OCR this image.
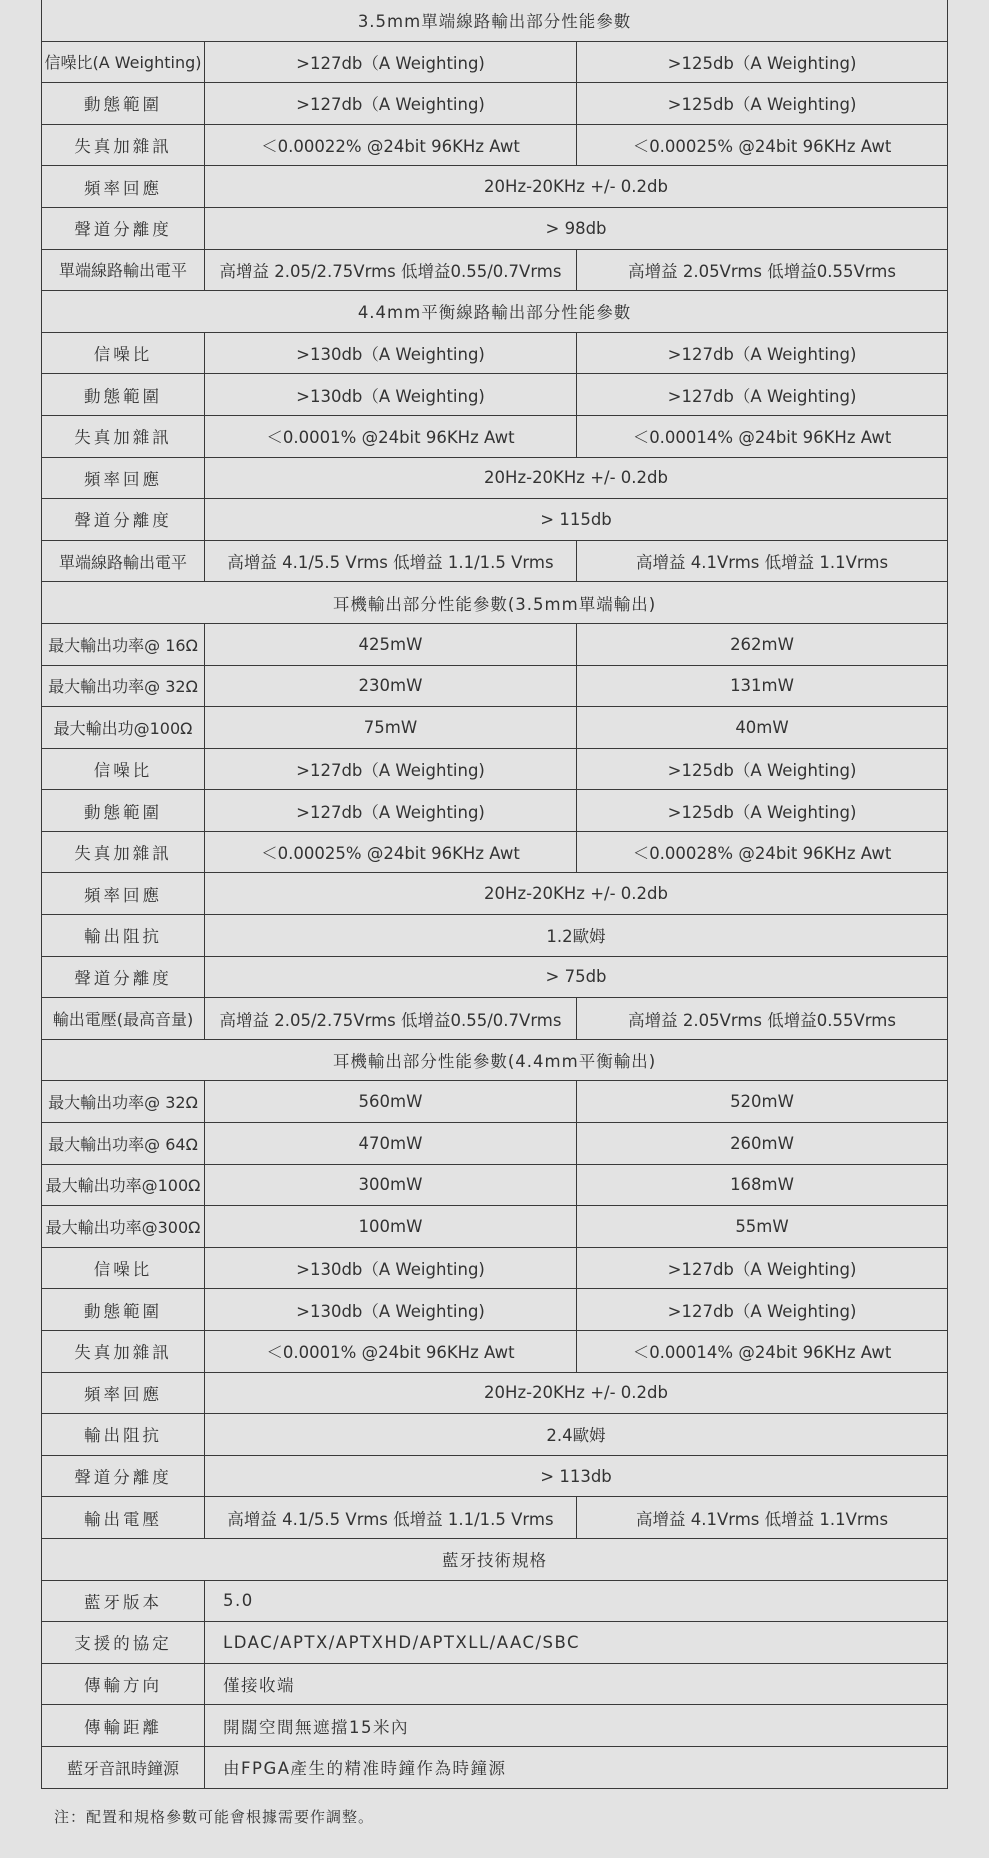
3.5mm單端線路輸出部分性能參數		
信噪比(A Weighting)	>127db（A Weighting)	>125db（A Weighting)
動態範圍	>127db（A Weighting)	>125db（A Weighting)
失真加雜訊	＜0.00022% @24bit 96KHz Awt	＜0.00025% @24bit 96KHz Awt
頻率回應	20Hz-20KHz +/- 0.2db	
聲道分離度	> 98db	
單端線路輸出電平	高增益 2.05/2.75Vrms 低增益0.55/0.7Vrms	高增益 2.05Vrms 低增益0.55Vrms
4.4mm平衡線路輸出部分性能參數		
信噪比	>130db（A Weighting)	>127db（A Weighting)
動態範圍	>130db（A Weighting)	>127db（A Weighting)
失真加雜訊	＜0.0001% @24bit 96KHz Awt	＜0.00014% @24bit 96KHz Awt
頻率回應	20Hz-20KHz +/- 0.2db	
聲道分離度	> 115db	
單端線路輸出電平	高增益 4.1/5.5 Vrms 低增益 1.1/1.5 Vrms	高增益 4.1Vrms 低增益 1.1Vrms
耳機輸出部分性能參數(3.5mm單端輸出)		
最大輸出功率@ 16Ω	425mW	262mW
最大輸出功率@ 32Ω	230mW	131mW
最大輸出功@100Ω	75mW	40mW
信噪比	>127db（A Weighting)	>125db（A Weighting)
動態範圍	>127db（A Weighting)	>125db（A Weighting)
失真加雜訊	＜0.00025% @24bit 96KHz Awt	＜0.00028% @24bit 96KHz Awt
頻率回應	20Hz-20KHz +/- 0.2db	
輸出阻抗	1.2歐姆	
聲道分離度	> 75db	
輸出電壓(最高音量)	高增益 2.05/2.75Vrms 低增益0.55/0.7Vrms	高增益 2.05Vrms 低增益0.55Vrms
耳機輸出部分性能參數(4.4mm平衡輸出)		
最大輸出功率@ 32Ω	560mW	520mW
最大輸出功率@ 64Ω	470mW	260mW
最大輸出功率@100Ω	300mW	168mW
最大輸出功率@300Ω	100mW	55mW
信噪比	>130db（A Weighting)	>127db（A Weighting)
動態範圍	>130db（A Weighting)	>127db（A Weighting)
失真加雜訊	＜0.0001% @24bit 96KHz Awt	＜0.00014% @24bit 96KHz Awt
頻率回應	20Hz-20KHz +/- 0.2db	
輸出阻抗	2.4歐姆	
聲道分離度	> 113db	
輸出電壓	高增益 4.1/5.5 Vrms 低增益 1.1/1.5 Vrms	高增益 4.1Vrms 低增益 1.1Vrms
藍牙技術規格		
藍牙版本	5.0	
支援的協定	LDAC/APTX/APTXHD/APTXLL/AAC/SBC	
傳輸方向	僅接收端	
傳輸距離	開闊空間無遮擋15米內	
藍牙音訊時鐘源	由FPGA產生的精准時鐘作為時鐘源	
注：配置和規格參數可能會根據需要作調整。
